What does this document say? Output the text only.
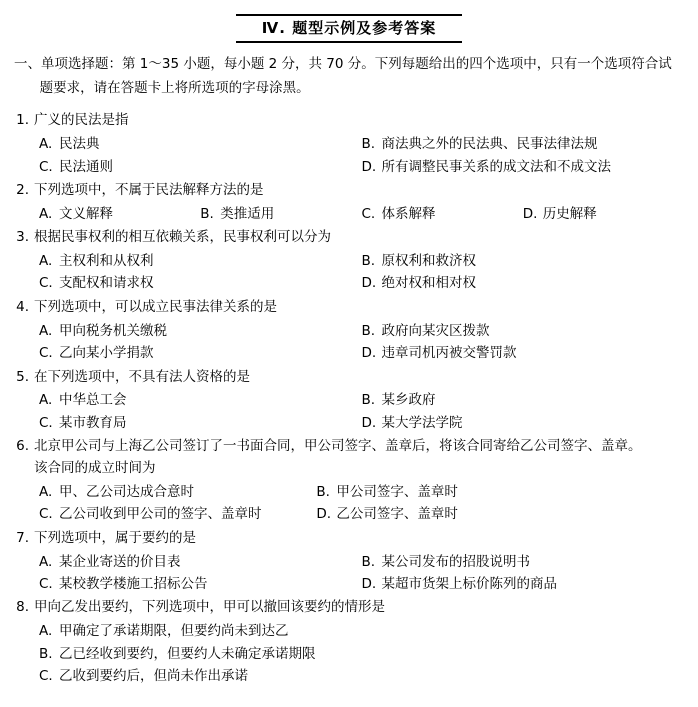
Ⅳ. 题型示例及参考答案
一、单项选择题：第 1～35 小题，每小题 2 分，共 70 分。下列每题给出的四个选项中，只有一个选项符合试
题要求，请在答题卡上将所选项的字母涂黑。
1. 广义的民法是指
A. 民法典	B. 商法典之外的民法典、民事法律法规
C. 民法通则	D. 所有调整民事关系的成文法和不成文法
2. 下列选项中，不属于民法解释方法的是
A. 文义解释	B. 类推适用	C. 体系解释	D. 历史解释
3. 根据民事权利的相互依赖关系，民事权利可以分为
A. 主权利和从权利	B. 原权利和救济权
C. 支配权和请求权	D. 绝对权和相对权
4. 下列选项中，可以成立民事法律关系的是
A. 甲向税务机关缴税	B. 政府向某灾区拨款
C. 乙向某小学捐款	D. 违章司机丙被交警罚款
5. 在下列选项中，不具有法人资格的是
A. 中华总工会	B. 某乡政府
C. 某市教育局	D. 某大学法学院
6. 北京甲公司与上海乙公司签订了一书面合同，甲公司签字、盖章后，将该合同寄给乙公司签字、盖章。
该合同的成立时间为
A. 甲、乙公司达成合意时	B. 甲公司签字、盖章时
C. 乙公司收到甲公司的签字、盖章时	D. 乙公司签字、盖章时
7. 下列选项中，属于要约的是
A. 某企业寄送的价目表	B. 某公司发布的招股说明书
C. 某校教学楼施工招标公告	D. 某超市货架上标价陈列的商品
8. 甲向乙发出要约，下列选项中，甲可以撤回该要约的情形是
A. 甲确定了承诺期限，但要约尚未到达乙
B. 乙已经收到要约，但要约人未确定承诺期限
C. 乙收到要约后，但尚未作出承诺
